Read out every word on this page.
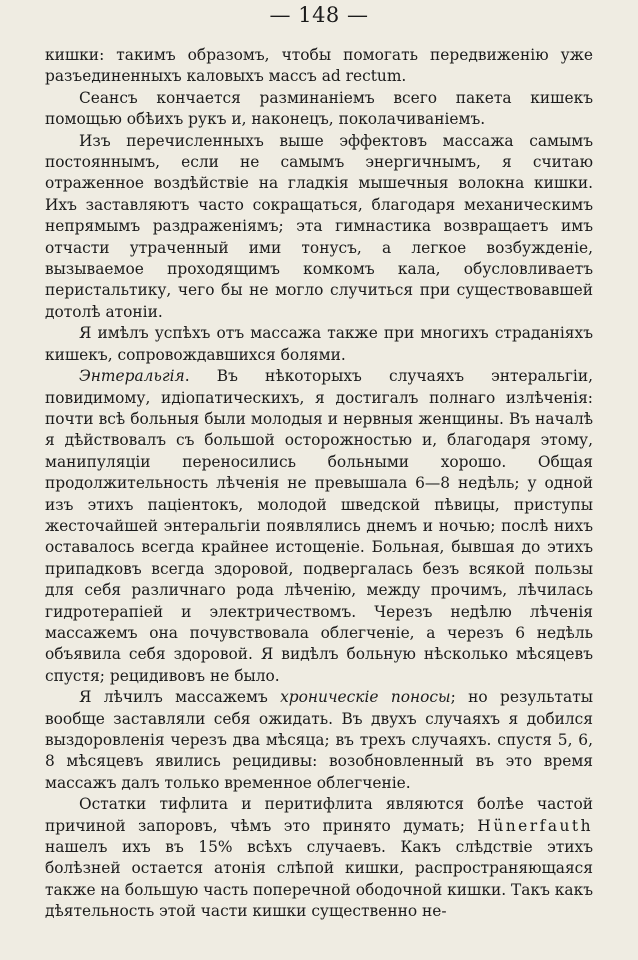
— 148 —

кишки: такимъ образомъ, чтобы помогать передвиженію уже разъединенныхъ каловыхъ массъ ad rectum.

Сеансъ кончается разминаніемъ всего пакета кишекъ помощью обѣихъ рукъ и, наконецъ, поколачиваніемъ.

Изъ перечисленныхъ выше эффектовъ массажа самымъ постояннымъ, если не самымъ энергичнымъ, я считаю отраженное воздѣйствіе на гладкія мышечныя волокна кишки. Ихъ заставляютъ часто сокращаться, благодаря механическимъ непрямымъ раздраженіямъ; эта гимнастика возвращаетъ имъ отчасти утраченный ими тонусъ, а легкое возбужденіе, вызываемое проходящимъ комкомъ кала, обусловливаетъ перистальтику, чего бы не могло случиться при существовавшей дотолѣ атоніи.

Я имѣлъ успѣхъ отъ массажа также при многихъ страданіяхъ кишекъ, сопровождавшихся болями.

Энтеральгія. Въ нѣкоторыхъ случаяхъ энтеральгіи, повидимому, идіопатическихъ, я достигалъ полнаго излѣченія: почти всѣ больныя были молодыя и нервныя женщины. Въ началѣ я дѣйствовалъ съ большой осторожностью и, благодаря этому, манипуляціи переносились больными хорошо. Общая продолжительность лѣченія не превышала 6—8 недѣль; у одной изъ этихъ паціентокъ, молодой шведской пѣвицы, приступы жесточайшей энтеральгіи появлялись днемъ и ночью; послѣ нихъ оставалось всегда крайнее истощеніе. Больная, бывшая до этихъ припадковъ всегда здоровой, подвергалась безъ всякой пользы для себя различнаго рода лѣченію, между прочимъ, лѣчилась гидротерапіей и электричествомъ. Черезъ недѣлю лѣченія массажемъ она почувствовала облегченіе, а черезъ 6 недѣль объявила себя здоровой. Я видѣлъ больную нѣсколько мѣсяцевъ спустя; рецидивовъ не было.

Я лѣчилъ массажемъ хроническіе поносы; но результаты вообще заставляли себя ожидать. Въ двухъ случаяхъ я добился выздоровленія черезъ два мѣсяца; въ трехъ случаяхъ. спустя 5, 6, 8 мѣсяцевъ явились рецидивы: возобновленный въ это время массажъ далъ только временное облегченіе.

Остатки тифлита и перитифлита являются болѣе частой причиной запоровъ, чѣмъ это принято думать; Hünerfauth нашелъ ихъ въ 15% всѣхъ случаевъ. Какъ слѣдствіе этихъ болѣзней остается атонія слѣпой кишки, распространяющаяся также на большую часть поперечной ободочной кишки. Такъ какъ дѣятельность этой части кишки существенно не-
